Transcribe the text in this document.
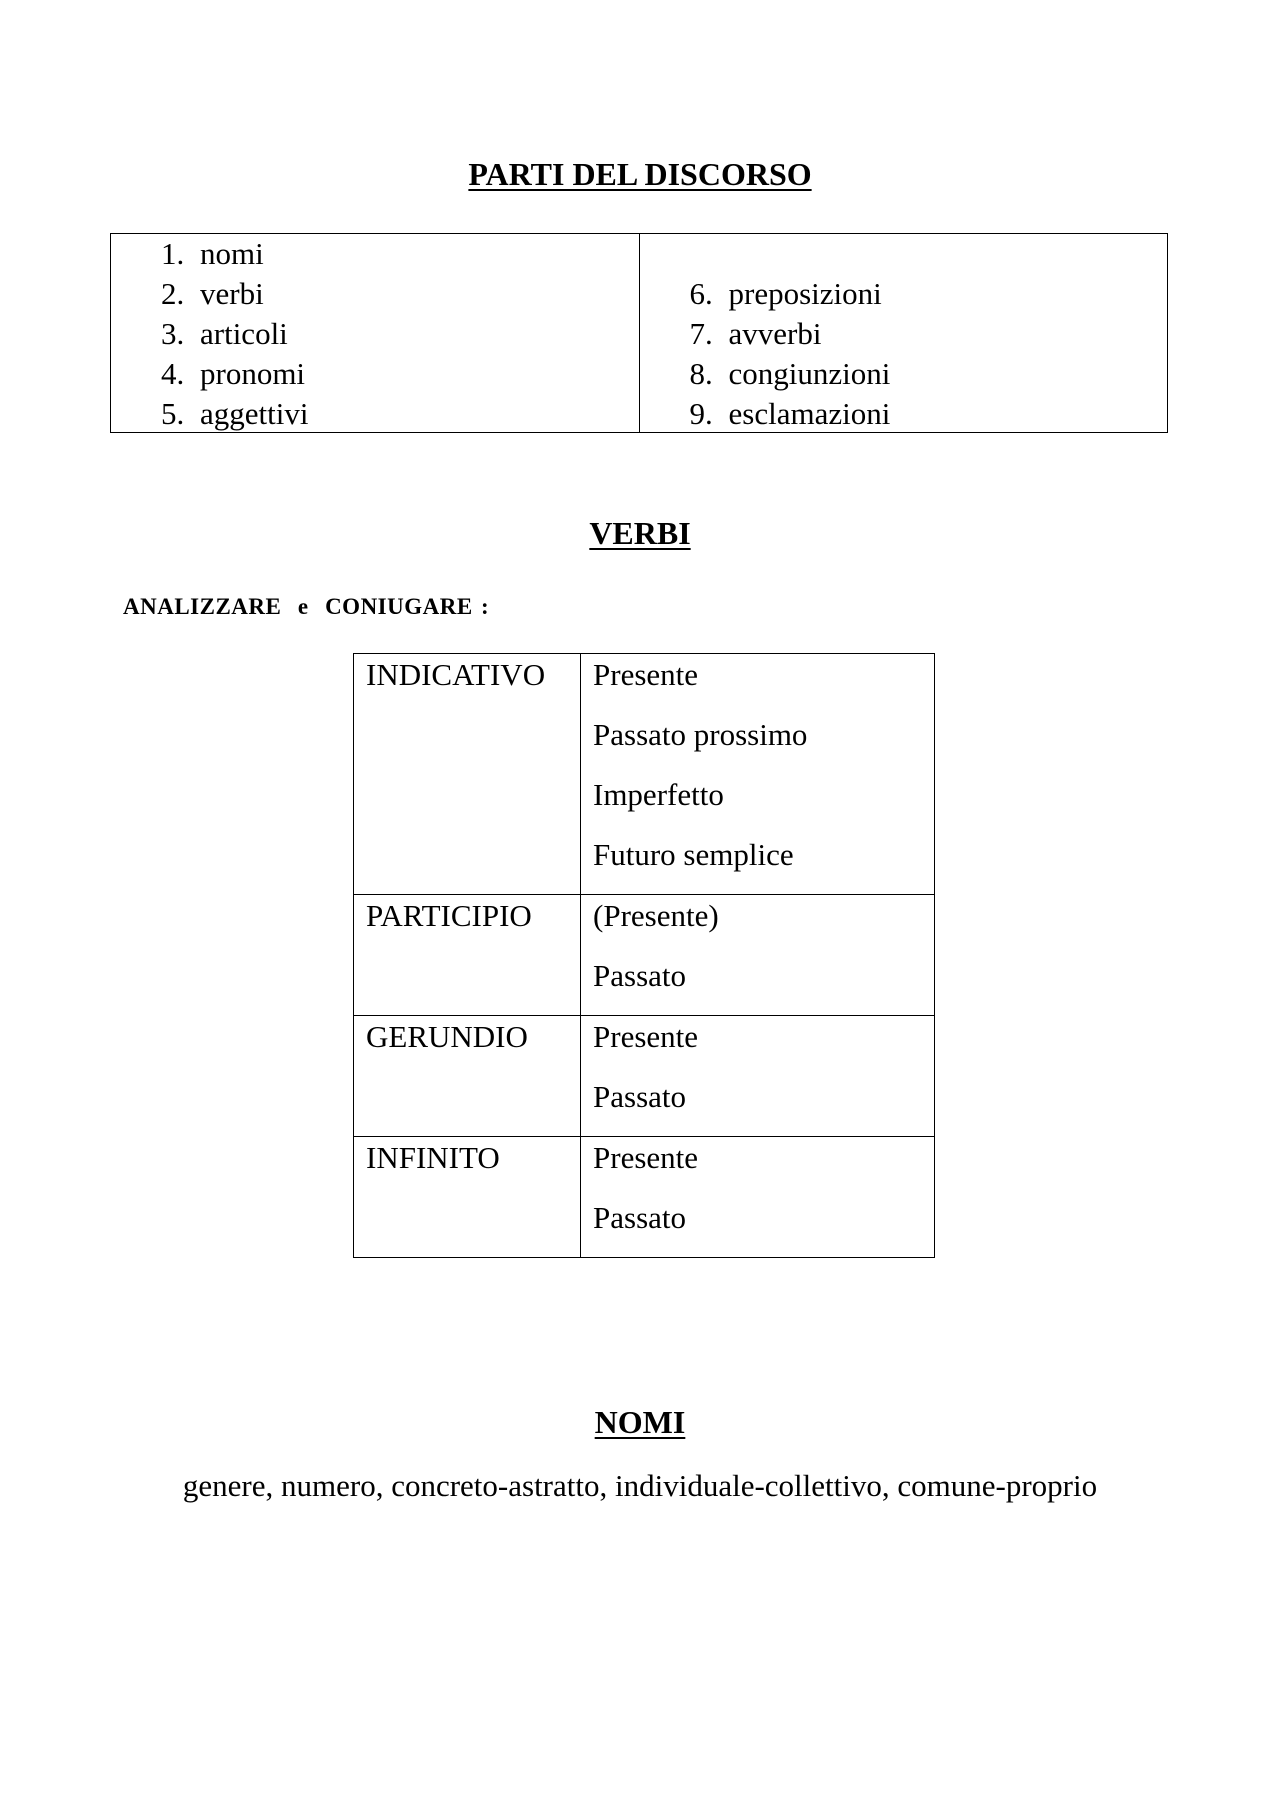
PARTI DEL DISCORSO
1. nomi
2. verbi
3. articoli
4. pronomi
5. aggettivi
6. preposizioni
7. avverbi
8. congiunzioni
9. esclamazioni
VERBI
ANALIZZARE  e  CONIUGARE :
INDICATIVO	Presente
Passato prossimo
Imperfetto
Futuro semplice

PARTICIPIO	(Presente)
Passato

GERUNDIO	Presente
Passato

INFINITO	Presente
Passato
NOMI

genere, numero, concreto-astratto, individuale-collettivo, comune-proprio
